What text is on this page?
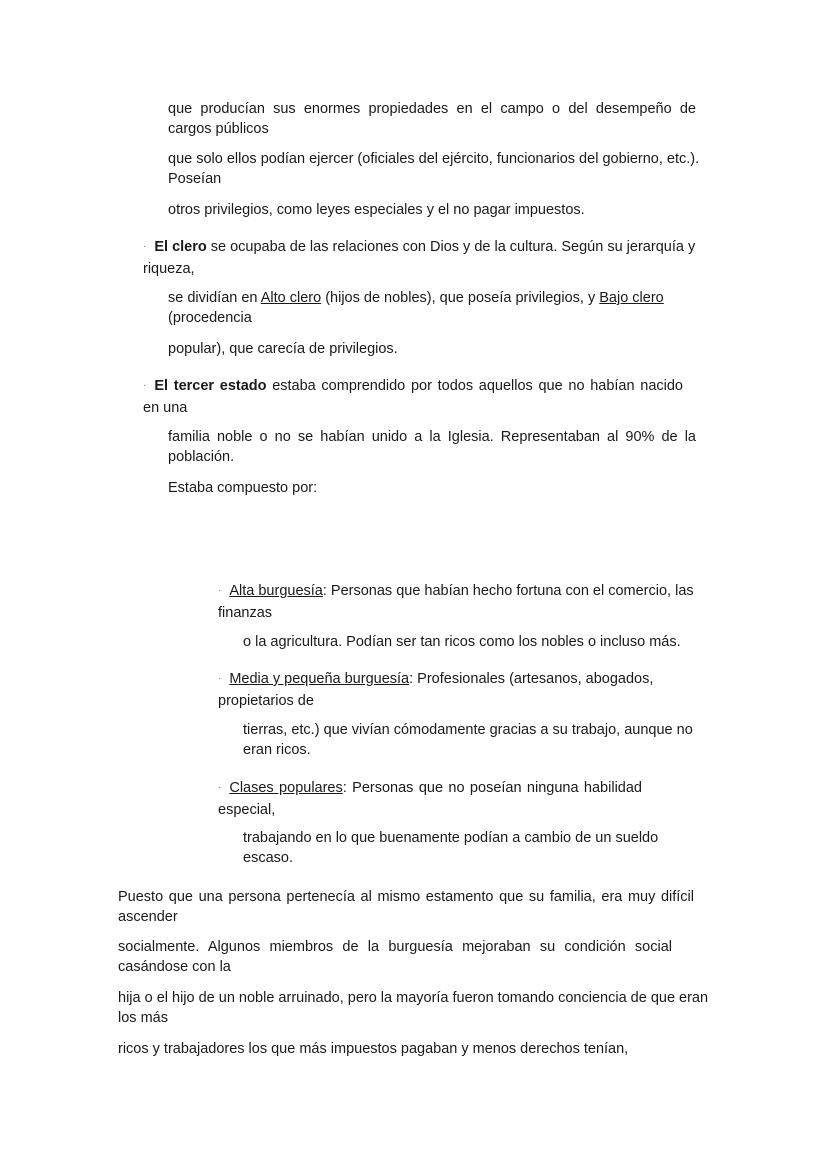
que producían sus enormes propiedades en el campo o del desempeño de cargos públicos
que solo ellos podían ejercer (oficiales del ejército, funcionarios del gobierno, etc.). Poseían
otros privilegios, como leyes especiales y el no pagar impuestos.
· El clero se ocupaba de las relaciones con Dios y de la cultura. Según su jerarquía y riqueza,
se dividían en Alto clero (hijos de nobles), que poseía privilegios, y Bajo clero (procedencia
popular), que carecía de privilegios.
· El tercer estado estaba comprendido por todos aquellos que no habían nacido en una
familia noble o no se habían unido a la Iglesia. Representaban al 90% de la población.
Estaba compuesto por:
· Alta burguesía: Personas que habían hecho fortuna con el comercio, las finanzas
o la agricultura. Podían ser tan ricos como los nobles o incluso más.
· Media y pequeña burguesía: Profesionales (artesanos, abogados, propietarios de
tierras, etc.) que vivían cómodamente gracias a su trabajo, aunque no eran ricos.
· Clases populares: Personas que no poseían ninguna habilidad especial,
trabajando en lo que buenamente podían a cambio de un sueldo escaso.
Puesto que una persona pertenecía al mismo estamento que su familia, era muy difícil ascender
socialmente. Algunos miembros de la burguesía mejoraban su condición social casándose con la
hija o el hijo de un noble arruinado, pero la mayoría fueron tomando conciencia de que eran los más
ricos y trabajadores los que más impuestos pagaban y menos derechos tenían,
